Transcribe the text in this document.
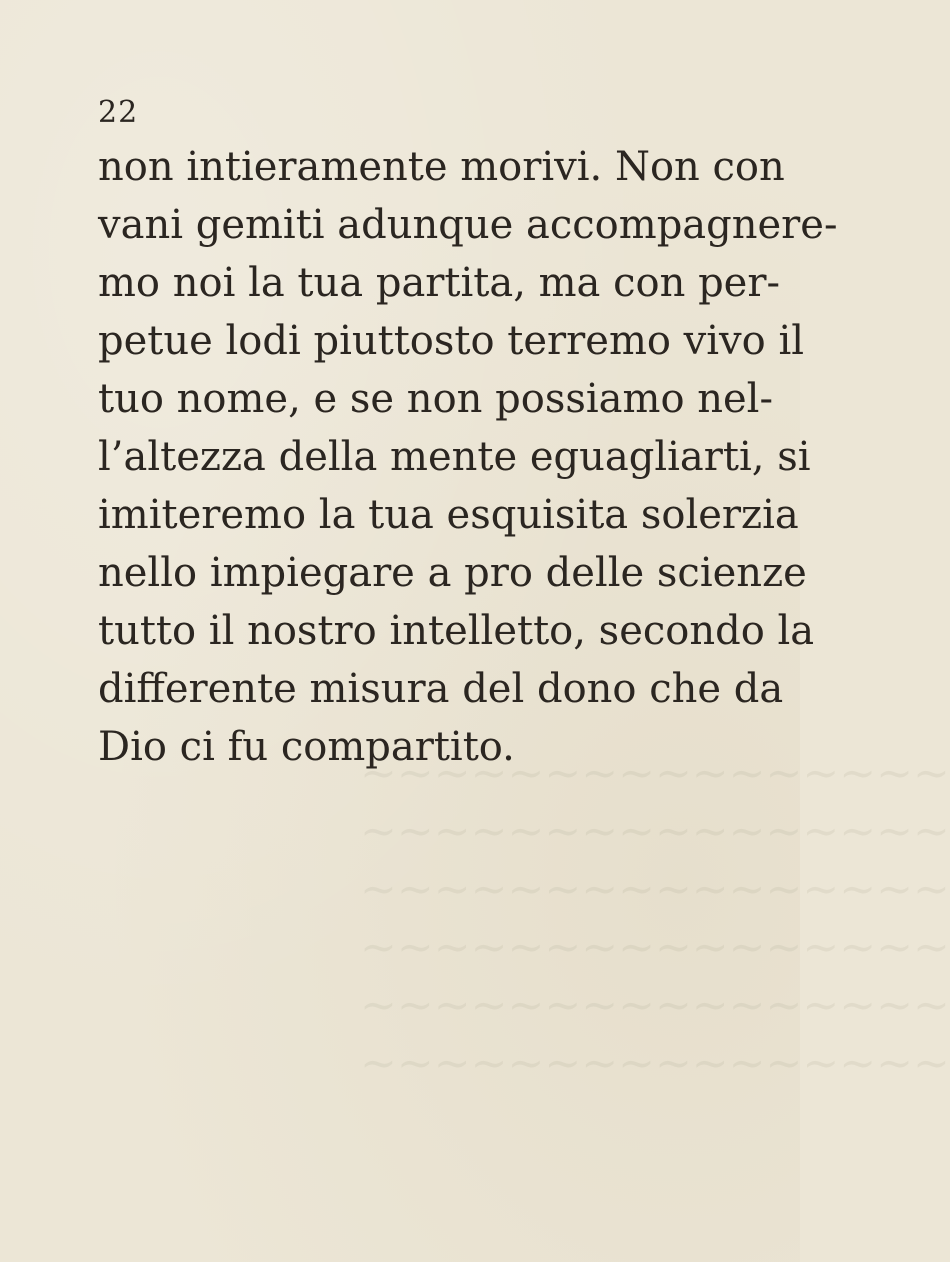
~~~~~~~~~~~~~~~~
~~~~~~~~~~~~~~~~
~~~~~~~~~~~~~~~~
~~~~~~~~~~~~~~~~
~~~~~~~~~~~~~~~~
~~~~~~~~~~~~~~~~
22
non intieramente morivi. Non con
vani gemiti adunque accompagnere-
mo noi la tua partita, ma con per-
petue lodi piuttosto terremo vivo il
tuo nome, e se non possiamo nel-
l’altezza della mente eguagliarti, si
imiteremo la tua esquisita solerzia
nello impiegare a pro delle scienze
tutto il nostro intelletto, secondo la
differente misura del dono che da
Dio ci fu compartito.
